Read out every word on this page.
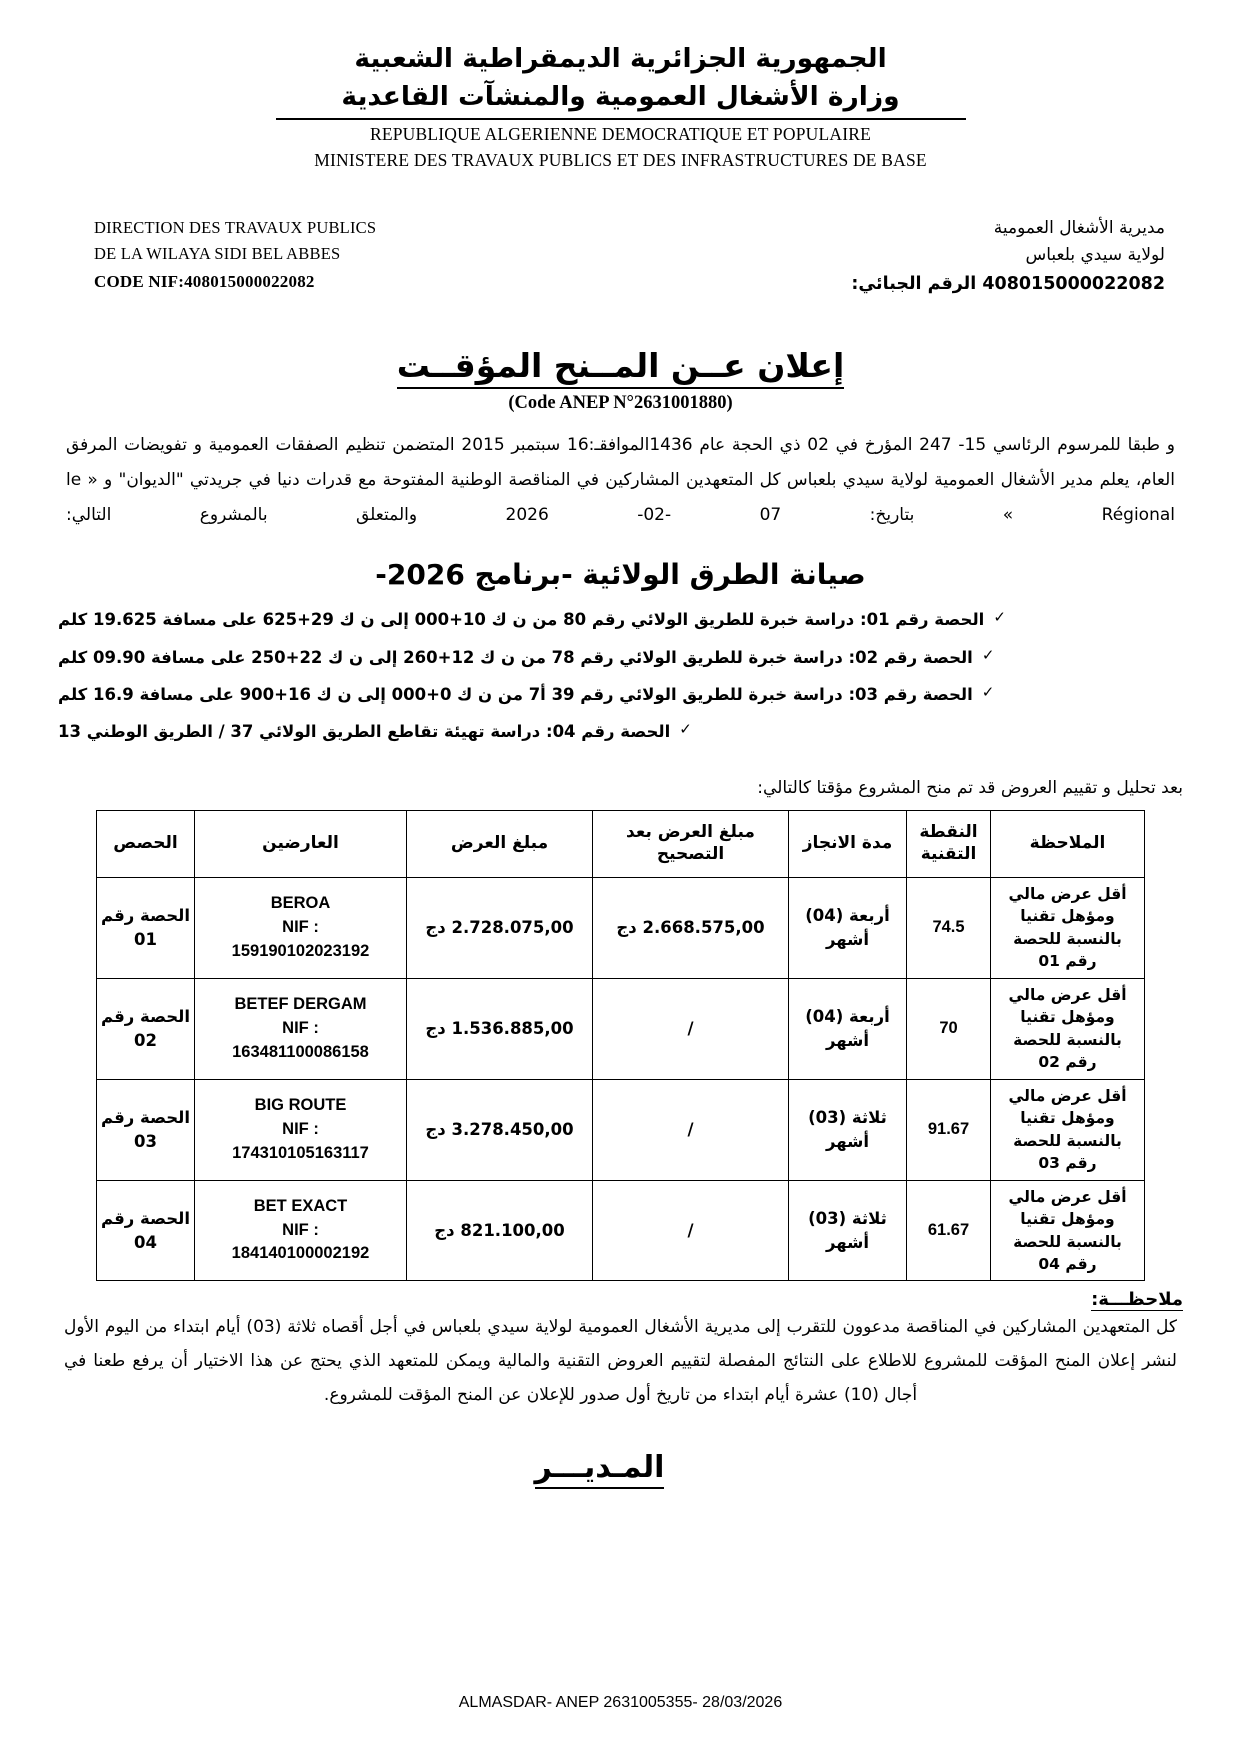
الجمهورية الجزائرية الديمقراطية الشعبية
وزارة الأشغال العمومية والمنشآت القاعدية
REPUBLIQUE ALGERIENNE DEMOCRATIQUE ET POPULAIRE
MINISTERE DES TRAVAUX PUBLICS ET DES INFRASTRUCTURES DE BASE
DIRECTION DES TRAVAUX PUBLICS
DE LA WILAYA SIDI BEL ABBES
CODE NIF:408015000022082
مديرية الأشغال العمومية
لولاية سيدي بلعباس
408015000022082 الرقم الجبائي:
إعلان عــن المــنح المؤقــت
(Code ANEP N°2631001880)
و طبقا للمرسوم الرئاسي 15- 247 المؤرخ في 02 ذي الحجة عام 1436الموافقـ:16 سبتمبر 2015 المتضمن تنظيم الصفقات العمومية و تفويضات المرفق العام، يعلم مدير الأشغال العمومية لولاية سيدي بلعباس كل المتعهدين المشاركين في المناقصة الوطنية المفتوحة مع قدرات دنيا في جريدتي "الديوان" و « le Régional » بتاريخ: 07 -02- 2026 والمتعلق بالمشروع التالي:
صيانة الطرق الولائية -برنامج 2026-
✓
الحصة رقم 01: دراسة خبرة للطريق الولائي رقم 80 من ن ك 10+000 إلى ن ك 29+625 على مسافة 19.625 كلم
✓
الحصة رقم 02: دراسة خبرة للطريق الولائي رقم 78 من ن ك 12+260 إلى ن ك 22+250 على مسافة 09.90 كلم
✓
الحصة رقم 03: دراسة خبرة للطريق الولائي رقم 39 أ7 من ن ك 0+000 إلى ن ك 16+900 على مسافة 16.9 كلم
✓
الحصة رقم 04: دراسة تهيئة تقاطع الطريق الولائي 37 / الطريق الوطني 13
بعد تحليل و تقييم العروض قد تم منح المشروع مؤقتا كالتالي:
الملاحظة	النقطة التقنية	مدة الانجاز	مبلغ العرض بعد التصحيح	مبلغ العرض	العارضين	الحصص
أقل عرض مالي ومؤهل تقنيا بالنسبة للحصة رقم 01	74.5	أربعة (04) أشهر	2.668.575,00 دج	2.728.075,00 دج	BEROA
NIF :
159190102023192	الحصة رقم 01
أقل عرض مالي ومؤهل تقنيا بالنسبة للحصة رقم 02	70	أربعة (04) أشهر	/	1.536.885,00 دج	BETEF DERGAM
NIF :
163481100086158	الحصة رقم 02
أقل عرض مالي ومؤهل تقنيا بالنسبة للحصة رقم 03	91.67	ثلاثة (03) أشهر	/	3.278.450,00 دج	BIG ROUTE
NIF :
174310105163117	الحصة رقم 03
أقل عرض مالي ومؤهل تقنيا بالنسبة للحصة رقم 04	61.67	ثلاثة (03) أشهر	/	821.100,00 دج	BET EXACT
NIF :
184140100002192	الحصة رقم 04
ملاحظـــة:
كل المتعهدين المشاركين في المناقصة مدعوون للتقرب إلى مديرية الأشغال العمومية لولاية سيدي بلعباس في أجل أقصاه ثلاثة (03) أيام ابتداء من اليوم الأول لنشر إعلان المنح المؤقت للمشروع للاطلاع على النتائج المفصلة لتقييم العروض التقنية والمالية ويمكن للمتعهد الذي يحتج عن هذا الاختيار أن يرفع طعنا في أجال (10) عشرة أيام ابتداء من تاريخ أول صدور للإعلان عن المنح المؤقت للمشروع.
المـديـــر
ALMASDAR- ANEP 2631005355- 28/03/2026
